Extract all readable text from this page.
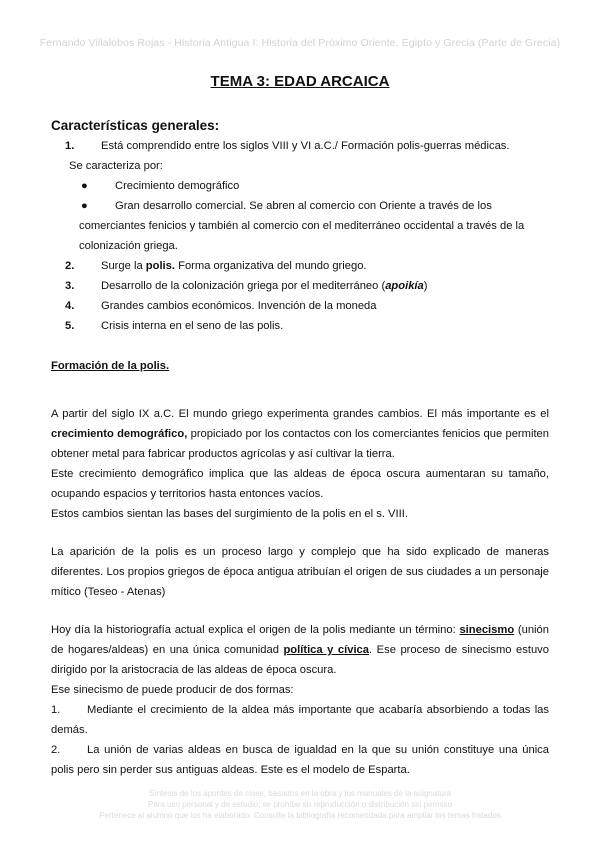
Fernando Villalobos Rojas - Historia Antigua I: Historia del Próximo Oriente, Egipto y Grecia (Parte de Grecia)
TEMA 3: EDAD ARCAICA
Características generales:
1.	Está comprendido entre los siglos VIII y VI a.C./ Formación polis-guerras médicas.
Se caracteriza por:
●	Crecimiento demográfico
●	Gran desarrollo comercial. Se abren al comercio con Oriente a través de los
comerciantes fenicios y también al comercio con el mediterráneo occidental a través de la
colonización griega.
2.	Surge la polis. Forma organizativa del mundo griego.
3.	Desarrollo de la colonización griega por el mediterráneo (apoikía)
4.	Grandes cambios económicos. Invención de la moneda
5.	Crisis interna en el seno de las polis.
Formación de la polis.
A partir del siglo IX a.C. El mundo griego experimenta grandes cambios. El más importante es el crecimiento demográfico, propiciado por los contactos con los comerciantes fenicios que permiten obtener metal para fabricar productos agrícolas y así cultivar la tierra.
Este crecimiento demográfico implica que las aldeas de época oscura aumentaran su tamaño, ocupando espacios y territorios hasta entonces vacíos.
Estos cambios sientan las bases del surgimiento de la polis en el s. VIII.
La aparición de la polis es un proceso largo y complejo que ha sido explicado de maneras diferentes. Los propios griegos de época antigua atribuían el origen de sus ciudades a un personaje mítico (Teseo - Atenas)
Hoy día la historiografía actual explica el origen de la polis mediante un término: sinecismo (unión de hogares/aldeas) en una única comunidad política y cívica. Ese proceso de sinecismo estuvo dirigido por la aristocracia de las aldeas de época oscura.
Ese sinecismo de puede producir de dos formas:
1. Mediante el crecimiento de la aldea más importante que acabaría absorbiendo a todas las demás.
2. La unión de varias aldeas en busca de igualdad en la que su unión constituye una única polis pero sin perder sus antiguas aldeas. Este es el modelo de Esparta.
Síntesis de los apuntes de clase, basados en la obra y los manuales de la asignatura
Para uso personal y de estudio; se prohíbe su reproducción o distribución sin permiso
Pertenece al alumno que los ha elaborado. Consulte la bibliografía recomendada para ampliar los temas tratados
